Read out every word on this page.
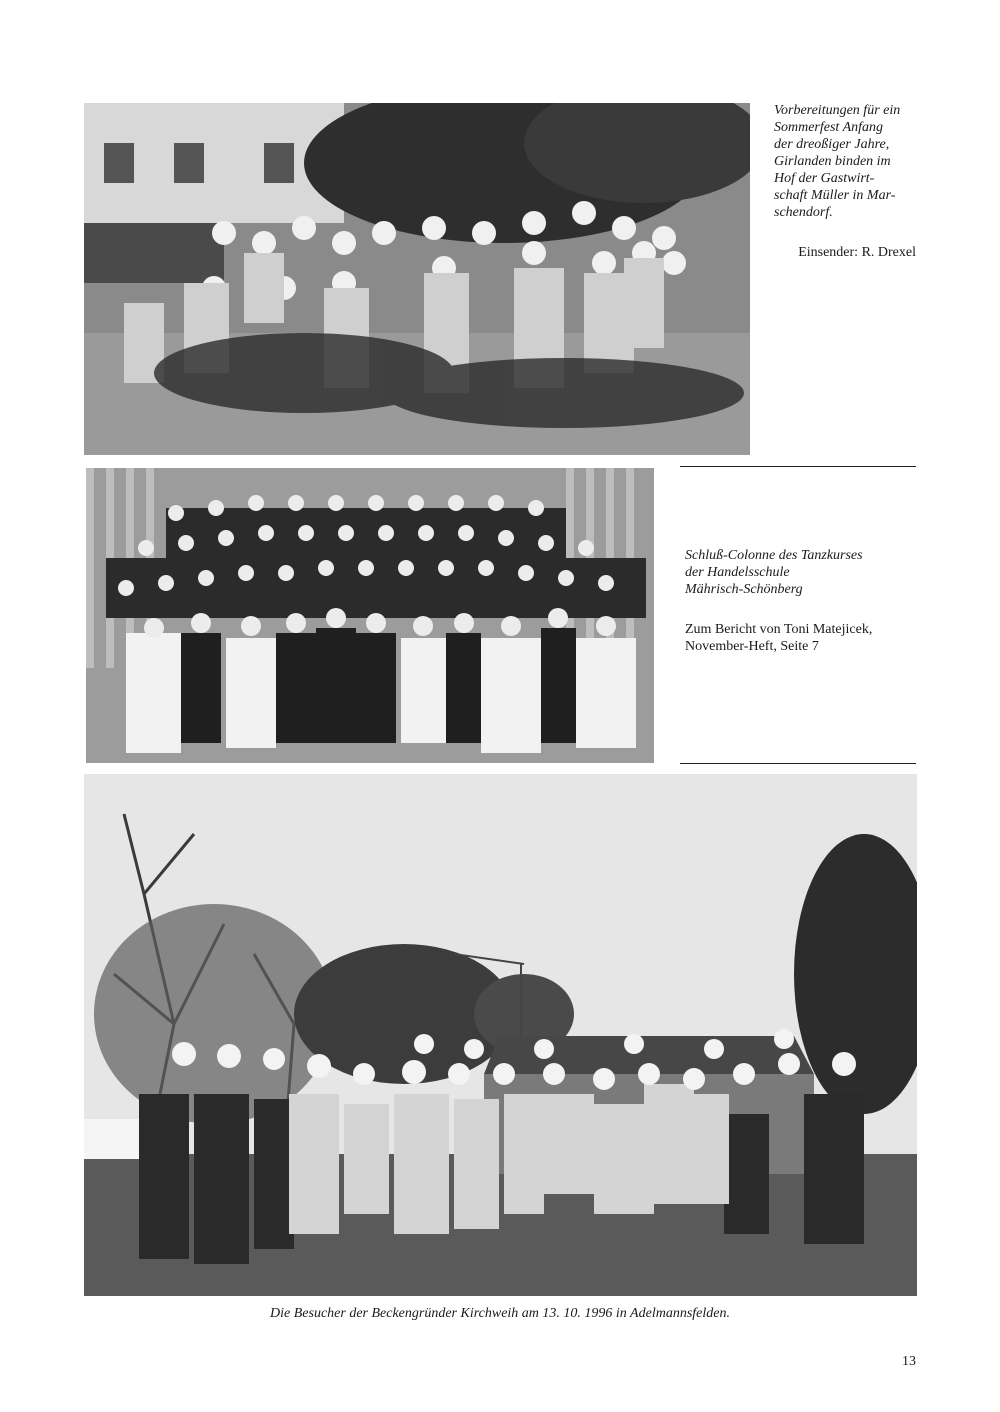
Vorbereitungen für ein
Sommerfest Anfang
der dreoßiger Jahre,
Girlanden binden im
Hof der Gastwirt-
schaft Müller in Mar-
schendorf.
Einsender: R. Drexel
Schluß-Colonne des Tanzkurses
der Handelsschule
Mährisch-Schönberg
Zum Bericht von Toni Matejicek,
November-Heft, Seite 7
Die Besucher der Beckengründer Kirchweih am 13. 10. 1996 in Adelmannsfelden.
13
